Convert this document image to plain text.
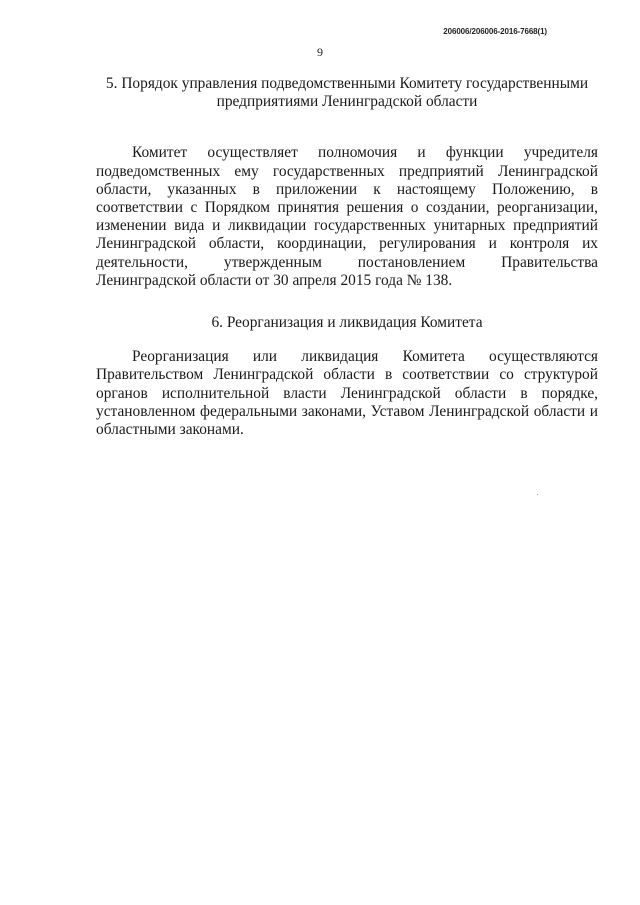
206006/206006-2016-7668(1)
9

5. Порядок управления подведомственными Комитету государственными предприятиями Ленинградской области

Комитет осуществляет полномочия и функции учредителя подведомственных ему государственных предприятий Ленинградской области, указанных в приложении к настоящему Положению, в соответствии с Порядком принятия решения о создании, реорганизации, изменении вида и ликвидации государственных унитарных предприятий Ленинградской области, координации, регулирования и контроля их деятельности, утвержденным постановлением Правительства Ленинградской области от 30 апреля 2015 года № 138.

6. Реорганизация и ликвидация Комитета

Реорганизация или ликвидация Комитета осуществляются Правительством Ленинградской области в соответствии со структурой органов исполнительной власти Ленинградской области в порядке, установленном федеральными законами, Уставом Ленинградской области и областными законами.
